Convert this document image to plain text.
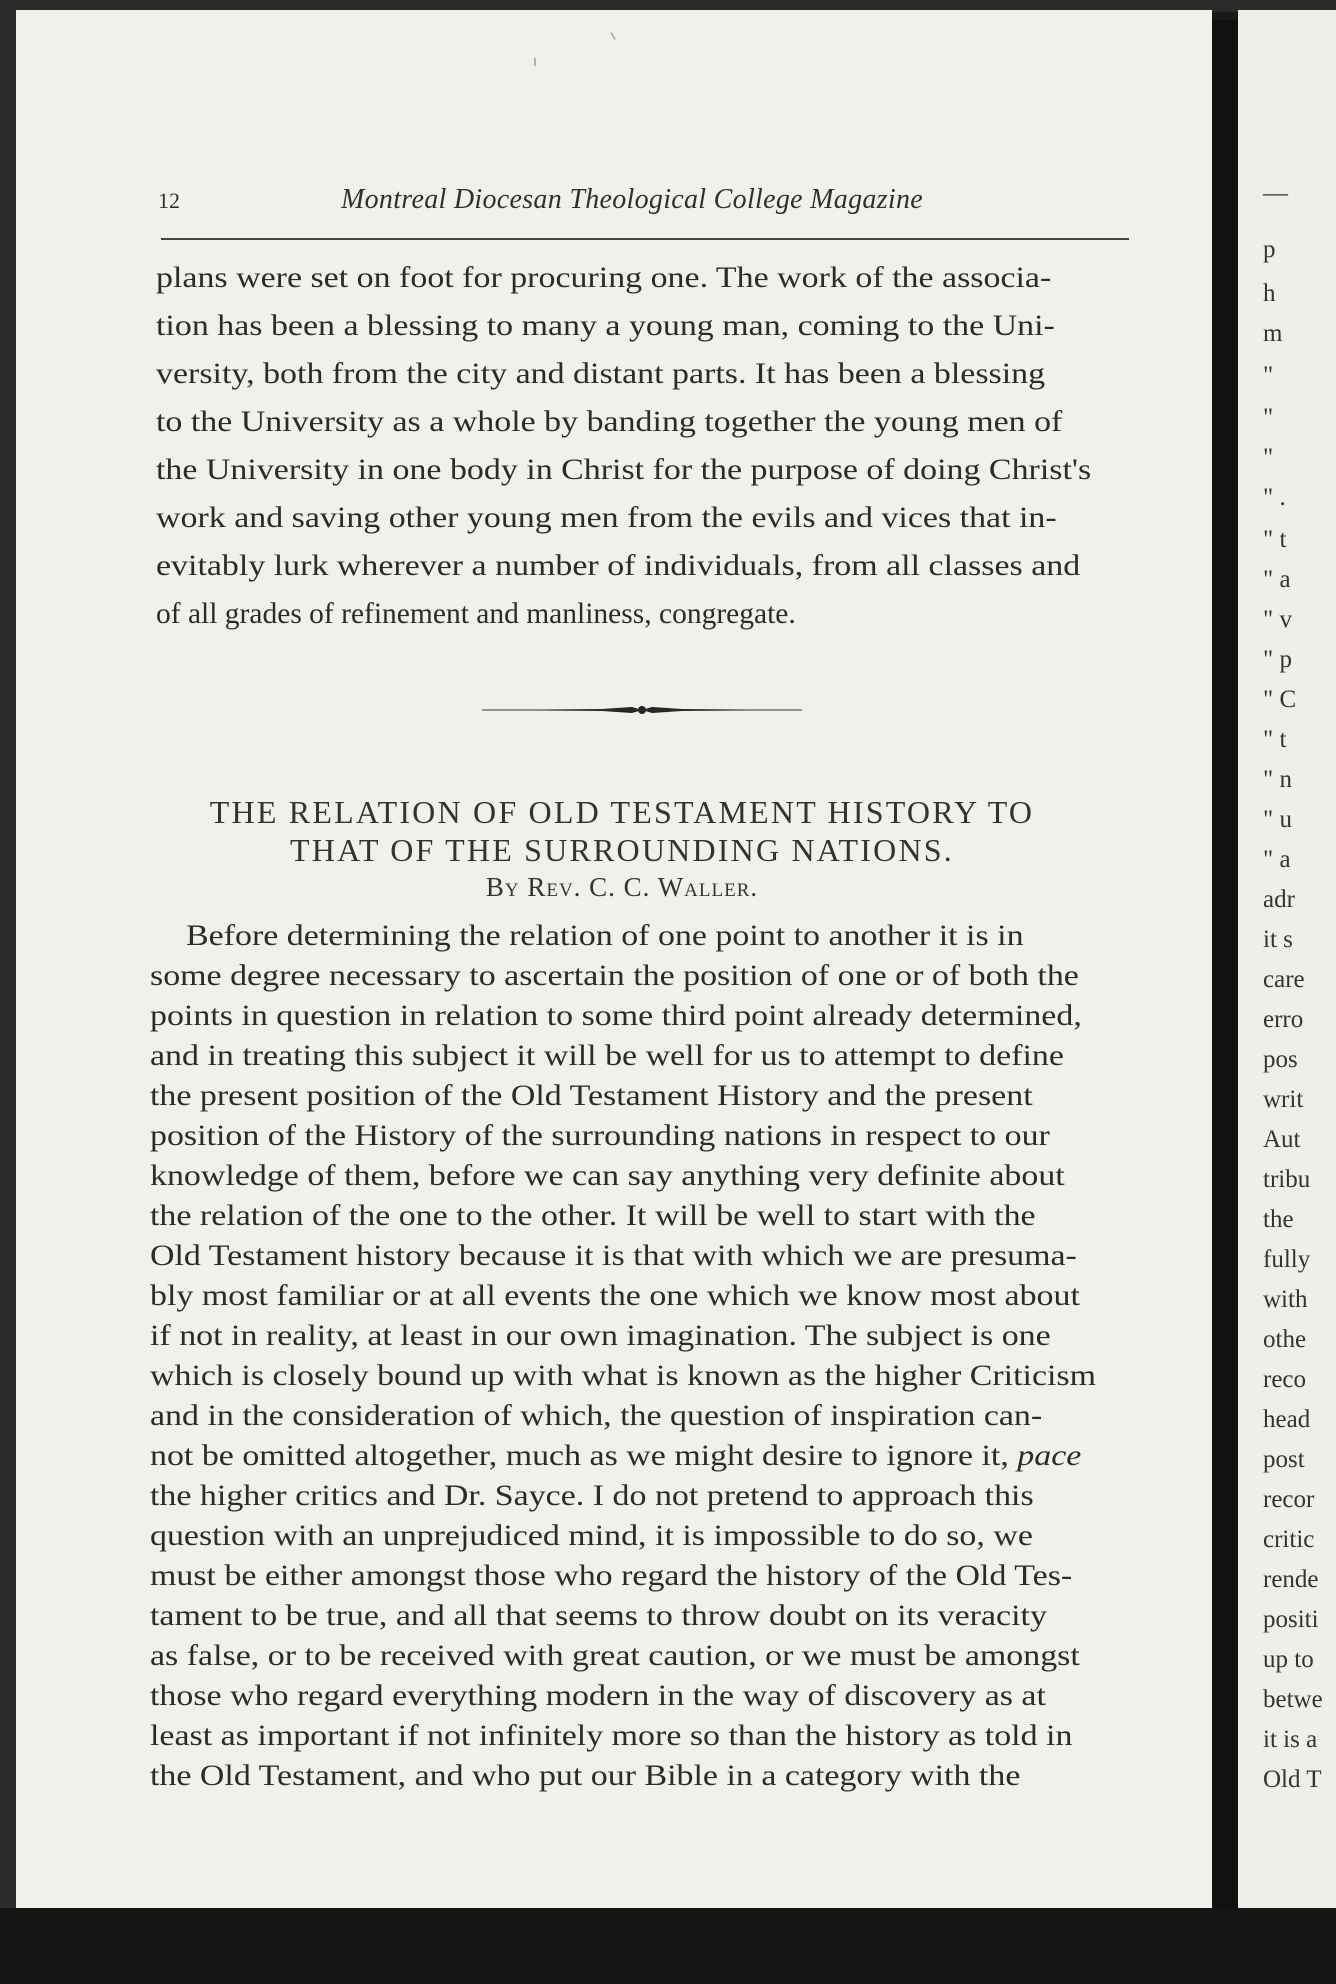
12	Montreal Diocesan Theological College Magazine
plans were set on foot for procuring one. The work of the associa-
tion has been a blessing to many a young man, coming to the Uni-
versity, both from the city and distant parts. It has been a blessing
to the University as a whole by banding together the young men of
the University in one body in Christ for the purpose of doing Christ's
work and saving other young men from the evils and vices that in-
evitably lurk wherever a number of individuals, from all classes and
of all grades of refinement and manliness, congregate.
THE RELATION OF OLD TESTAMENT HISTORY TO
THAT OF THE SURROUNDING NATIONS.
By Rev. C. C. Waller.
Before determining the relation of one point to another it is in
some degree necessary to ascertain the position of one or of both the
points in question in relation to some third point already determined,
and in treating this subject it will be well for us to attempt to define
the present position of the Old Testament History and the present
position of the History of the surrounding nations in respect to our
knowledge of them, before we can say anything very definite about
the relation of the one to the other. It will be well to start with the
Old Testament history because it is that with which we are presuma-
bly most familiar or at all events the one which we know most about
if not in reality, at least in our own imagination. The subject is one
which is closely bound up with what is known as the higher Criticism
and in the consideration of which, the question of inspiration can-
not be omitted altogether, much as we might desire to ignore it, pace
the higher critics and Dr. Sayce. I do not pretend to approach this
question with an unprejudiced mind, it is impossible to do so, we
must be either amongst those who regard the history of the Old Tes-
tament to be true, and all that seems to throw doubt on its veracity
as false, or to be received with great caution, or we must be amongst
those who regard everything modern in the way of discovery as at
least as important if not infinitely more so than the history as told in
the Old Testament, and who put our Bible in a category with the
—
p
h
m
"
"
"
" .
" t
" a
" v
" p
" C
" t
" n
" u
" a
adr
it s
care
erro
pos
writ
Aut
tribu
the
fully
with
othe
reco
head
post
recor
critic
rende
positi
up to
betwe
it is a
Old T
